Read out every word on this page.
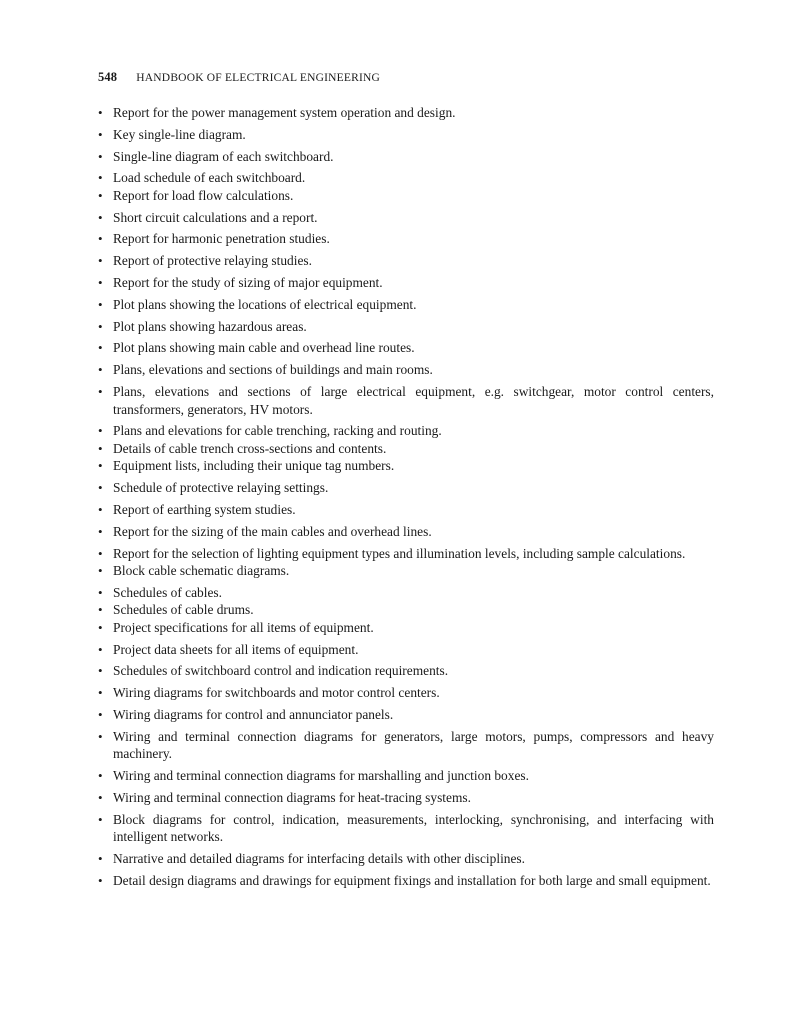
548 HANDBOOK OF ELECTRICAL ENGINEERING
• Report for the power management system operation and design.
• Key single-line diagram.
• Single-line diagram of each switchboard.
• Load schedule of each switchboard.
• Report for load flow calculations.
• Short circuit calculations and a report.
• Report for harmonic penetration studies.
• Report of protective relaying studies.
• Report for the study of sizing of major equipment.
• Plot plans showing the locations of electrical equipment.
• Plot plans showing hazardous areas.
• Plot plans showing main cable and overhead line routes.
• Plans, elevations and sections of buildings and main rooms.
• Plans, elevations and sections of large electrical equipment, e.g. switchgear, motor control centers, transformers, generators, HV motors.
• Plans and elevations for cable trenching, racking and routing.
• Details of cable trench cross-sections and contents.
• Equipment lists, including their unique tag numbers.
• Schedule of protective relaying settings.
• Report of earthing system studies.
• Report for the sizing of the main cables and overhead lines.
• Report for the selection of lighting equipment types and illumination levels, including sample calculations.
• Block cable schematic diagrams.
• Schedules of cables.
• Schedules of cable drums.
• Project specifications for all items of equipment.
• Project data sheets for all items of equipment.
• Schedules of switchboard control and indication requirements.
• Wiring diagrams for switchboards and motor control centers.
• Wiring diagrams for control and annunciator panels.
• Wiring and terminal connection diagrams for generators, large motors, pumps, compressors and heavy machinery.
• Wiring and terminal connection diagrams for marshalling and junction boxes.
• Wiring and terminal connection diagrams for heat-tracing systems.
• Block diagrams for control, indication, measurements, interlocking, synchronising, and interfacing with intelligent networks.
• Narrative and detailed diagrams for interfacing details with other disciplines.
• Detail design diagrams and drawings for equipment fixings and installation for both large and small equipment.
